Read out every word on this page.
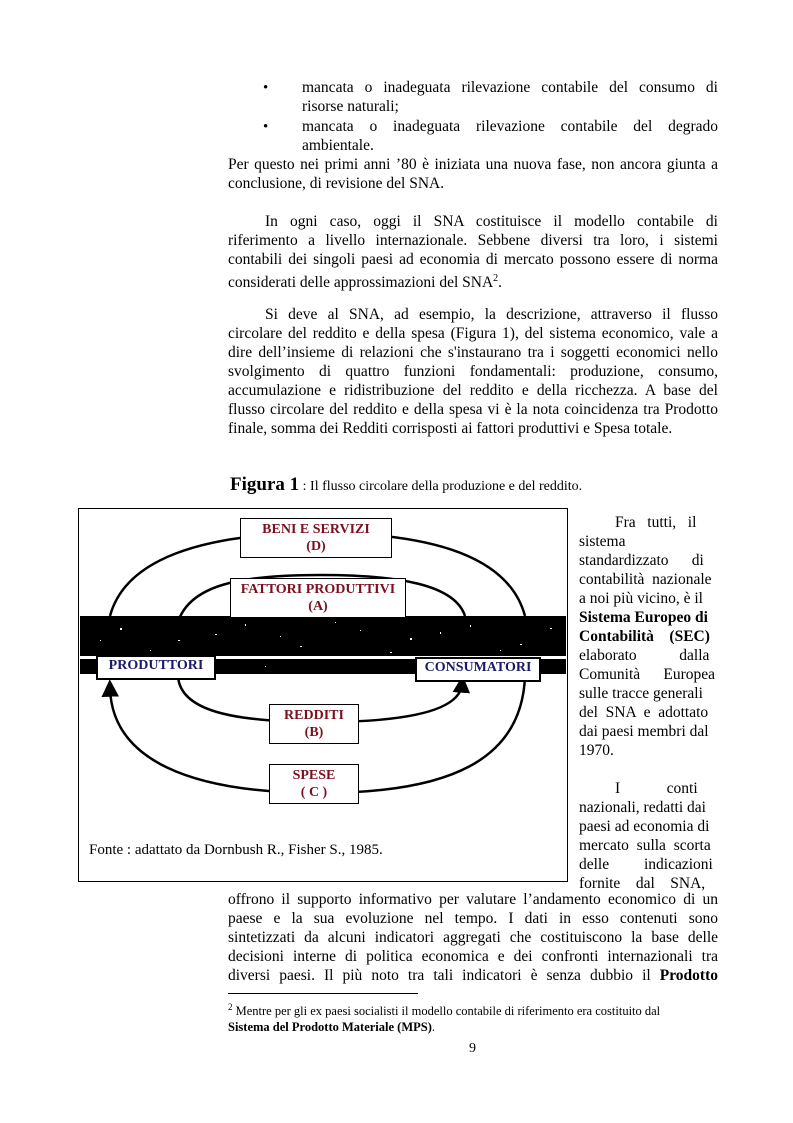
• mancata o inadeguata rilevazione contabile del consumo di
risorse naturali;
• mancata o inadeguata rilevazione contabile del degrado
ambientale.
Per questo nei primi anni ’80 è iniziata una nuova fase, non ancora giunta a
conclusione, di revisione del SNA.
In ogni caso, oggi il SNA costituisce il modello contabile di
riferimento a livello internazionale. Sebbene diversi tra loro, i sistemi
contabili dei singoli paesi ad economia di mercato possono essere di norma
considerati delle approssimazioni del SNA$^2$.
Si deve al SNA, ad esempio, la descrizione, attraverso il flusso
circolare del reddito e della spesa (Figura 1), del sistema economico, vale a
dire dell’insieme di relazioni che s'instaurano tra i soggetti economici nello
svolgimento di quattro funzioni fondamentali: produzione, consumo,
accumulazione e ridistribuzione del reddito e della ricchezza. A base del
flusso circolare del reddito e della spesa vi è la nota coincidenza tra Prodotto
finale, somma dei Redditi corrisposti ai fattori produttivi e Spesa totale.
Figura 1 : Il flusso circolare della produzione e del reddito.
BENI E SERVIZI
(D)
FATTORI PRODUTTIVI
(A)
REDDITI
(B)
SPESE
( C )
PRODUTTORI	CONSUMATORI
Fonte : adattato da Dornbush R., Fisher S., 1985.
Fra   tutti,   il
sistema
standardizzato      di
contabilità  nazionale
a noi più vicino, è il
Sistema Europeo di
Contabilità    (SEC)
elaborato           dalla
Comunità      Europea
sulle tracce generali
del  SNA  e  adottato
dai paesi membri dal
1970.
I            conti
nazionali, redatti dai
paesi ad economia di
mercato  sulla  scorta
delle         indicazioni
fornite    dal    SNA,
offrono il supporto informativo per valutare l’andamento economico di un
paese e la sua evoluzione nel tempo. I dati in esso contenuti sono
sintetizzati da alcuni indicatori aggregati che costituiscono la base delle
decisioni interne di politica economica e dei confronti internazionali tra
diversi paesi. Il più noto tra tali indicatori è senza dubbio il Prodotto
$^2$ Mentre per gli ex paesi socialisti il modello contabile di riferimento era costituito dal
Sistema del Prodotto Materiale (MPS).
9
